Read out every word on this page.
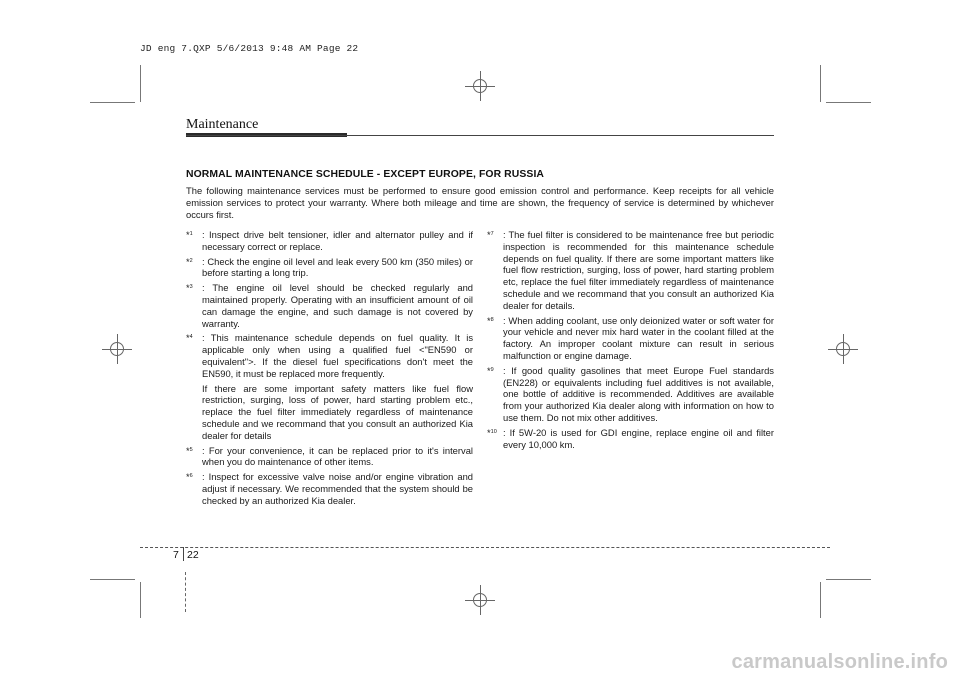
JD eng 7.QXP 5/6/2013 9:48 AM Page 22
Maintenance
NORMAL MAINTENANCE SCHEDULE - EXCEPT EUROPE, FOR RUSSIA
The following maintenance services must be performed to ensure good emission control and performance. Keep receipts for all vehicle emission services to protect your warranty. Where both mileage and time are shown, the frequency of service is determined by whichever occurs first.
*$^1$ : Inspect drive belt tensioner, idler and alternator pulley and if necessary correct or replace.

*$^2$ : Check the engine oil level and leak every 500 km (350 miles) or before starting a long trip.

*$^3$ : The engine oil level should be checked regularly and maintained properly. Operating with an insufficient amount of oil can damage the engine, and such damage is not covered by warranty.

*$^4$ : This maintenance schedule depends on fuel quality. It is applicable only when using a qualified fuel <"EN590 or equivalent">. If the diesel fuel specifications don't meet the EN590, it must be replaced more frequently.

If there are some important safety matters like fuel flow restriction, surging, loss of power, hard starting problem etc., replace the fuel filter immediately regardless of maintenance schedule and we recommand that you consult an authorized Kia dealer for details

*$^5$ : For your convenience, it can be replaced prior to it's interval when you do maintenance of other items.

*$^6$ : Inspect for excessive valve noise and/or engine vibration and adjust if necessary. We recommended that the system should be checked by an authorized Kia dealer.

*$^7$ : The fuel filter is considered to be maintenance free but periodic inspection is recommended for this maintenance schedule depends on fuel quality. If there are some important matters like fuel flow restriction, surging, loss of power, hard starting problem etc, replace the fuel filter immediately regardless of maintenance schedule and we recommand that you consult an authorized Kia dealer for details.

*$^8$ : When adding coolant, use only deionized water or soft water for your vehicle and never mix hard water in the coolant filled at the factory. An improper coolant mixture can result in serious malfunction or engine damage.

*$^9$ : If good quality gasolines that meet Europe Fuel standards (EN228) or equivalents including fuel additives is not available, one bottle of additive is recommended. Additives are available from your authorized Kia dealer along with information on how to use them. Do not mix other additives.

*$^{10}$ : If 5W-20 is used for GDI engine, replace engine oil and filter every 10,000 km.

7 22
carmanualsonline.info
